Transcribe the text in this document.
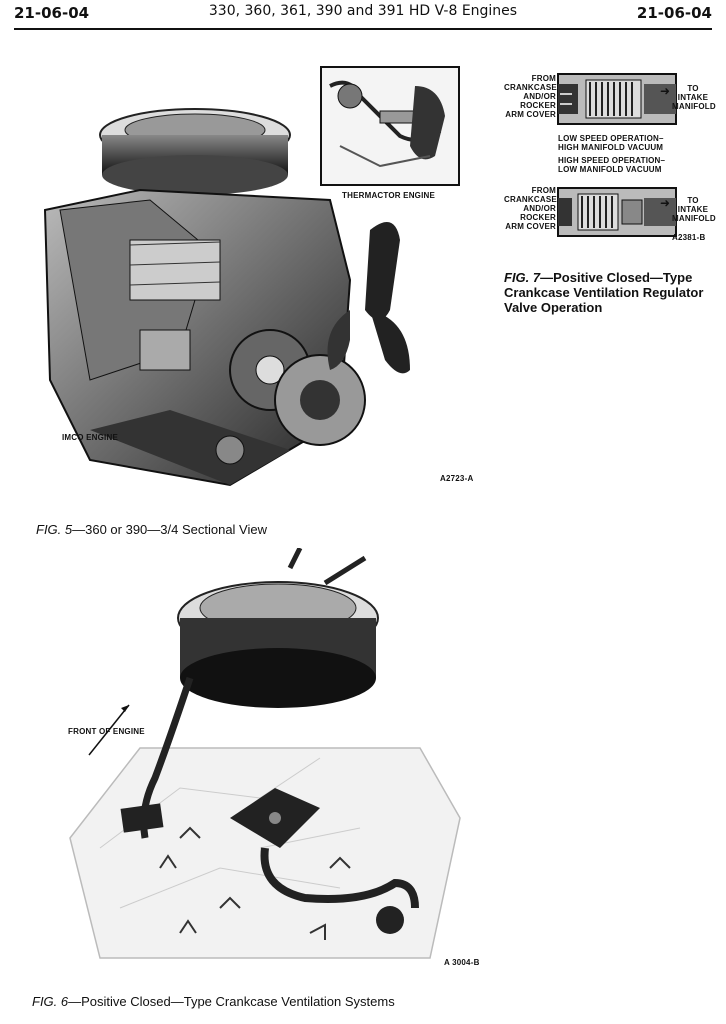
21-06-04	330, 360, 361, 390 and 391 HD V-8 Engines	21-06-04
THERMACTOR ENGINE
IMCO ENGINE
A2723-A
FIG. 5—360 or 390—3/4 Sectional View
FROM
CRANKCASE
AND/OR
ROCKER
ARM COVER
➜	TO
INTAKE
MANIFOLD
LOW SPEED OPERATION–
HIGH MANIFOLD VACUUM
HIGH SPEED OPERATION–
LOW MANIFOLD VACUUM
FROM
CRANKCASE
AND/OR
ROCKER
ARM COVER
➜	TO
INTAKE
MANIFOLD
A2381-B
FIG. 7—Positive Closed—Type
Crankcase Ventilation Regulator
Valve Operation
FRONT OF ENGINE
A 3004-B
FIG. 6—Positive Closed—Type Crankcase Ventilation Systems
